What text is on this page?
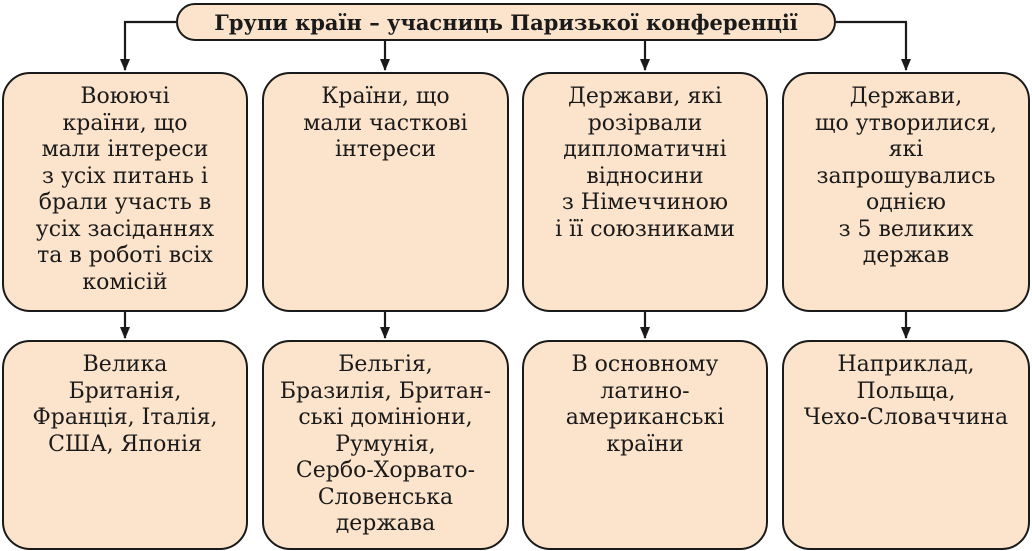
Групи країн – учасниць Паризької конференції
Воюючі
країни, що
мали інтереси
з усіх питань і
брали участь в
усіх засіданнях
та в роботі всіх
комісій
Країни, що
мали часткові
інтереси
Держави, які
розірвали
дипломатичні
відносини
з Німеччиною
і її союзниками
Держави,
що утворилися,
які
запрошувались
однією
з 5 великих
держав
Велика
Британія,
Франція, Італія,
США, Японія
Бельгія,
Бразилія, Британ-
ські домініони,
Румунія,
Сербо-Хорвато-
Словенська
держава
В основному
латино-
американські
країни
Наприклад,
Польща,
Чехо-Словаччина
